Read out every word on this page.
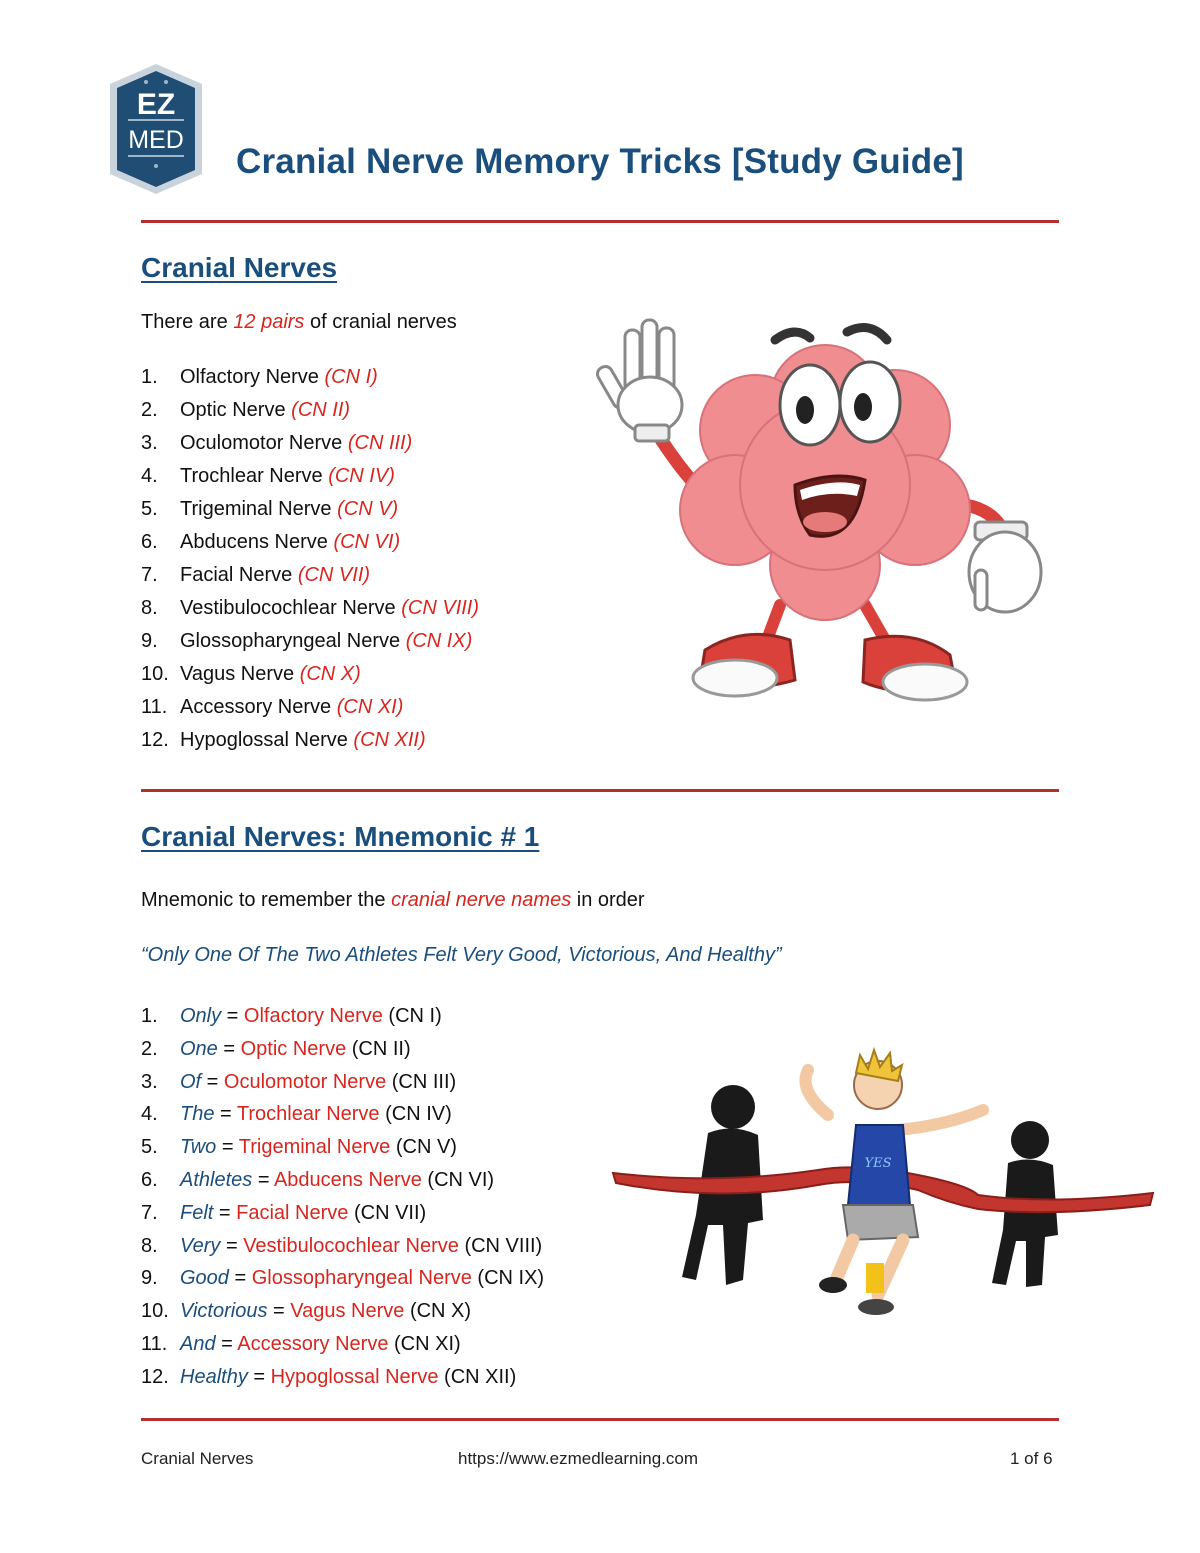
EZ
MED
Cranial Nerve Memory Tricks [Study Guide]
Cranial Nerves
There are 12 pairs of cranial nerves
1. Olfactory Nerve (CN I)
2. Optic Nerve (CN II)
3. Oculomotor Nerve (CN III)
4. Trochlear Nerve (CN IV)
5. Trigeminal Nerve (CN V)
6. Abducens Nerve (CN VI)
7. Facial Nerve (CN VII)
8. Vestibulocochlear Nerve (CN VIII)
9. Glossopharyngeal Nerve (CN IX)
10. Vagus Nerve (CN X)
11. Accessory Nerve (CN XI)
12. Hypoglossal Nerve (CN XII)
Cranial Nerves: Mnemonic # 1
Mnemonic to remember the cranial nerve names in order
“Only One Of The Two Athletes Felt Very Good, Victorious, And Healthy”
1. Only = Olfactory Nerve (CN I)
2. One = Optic Nerve (CN II)
3. Of = Oculomotor Nerve (CN III)
4. The = Trochlear Nerve (CN IV)
5. Two = Trigeminal Nerve (CN V)
6. Athletes = Abducens Nerve (CN VI)
7. Felt = Facial Nerve (CN VII)
8. Very = Vestibulocochlear Nerve (CN VIII)
9. Good = Glossopharyngeal Nerve (CN IX)
10. Victorious = Vagus Nerve (CN X)
11. And = Accessory Nerve (CN XI)
12. Healthy = Hypoglossal Nerve (CN XII)
YES
Cranial Nerves	https://www.ezmedlearning.com	1 of 6
